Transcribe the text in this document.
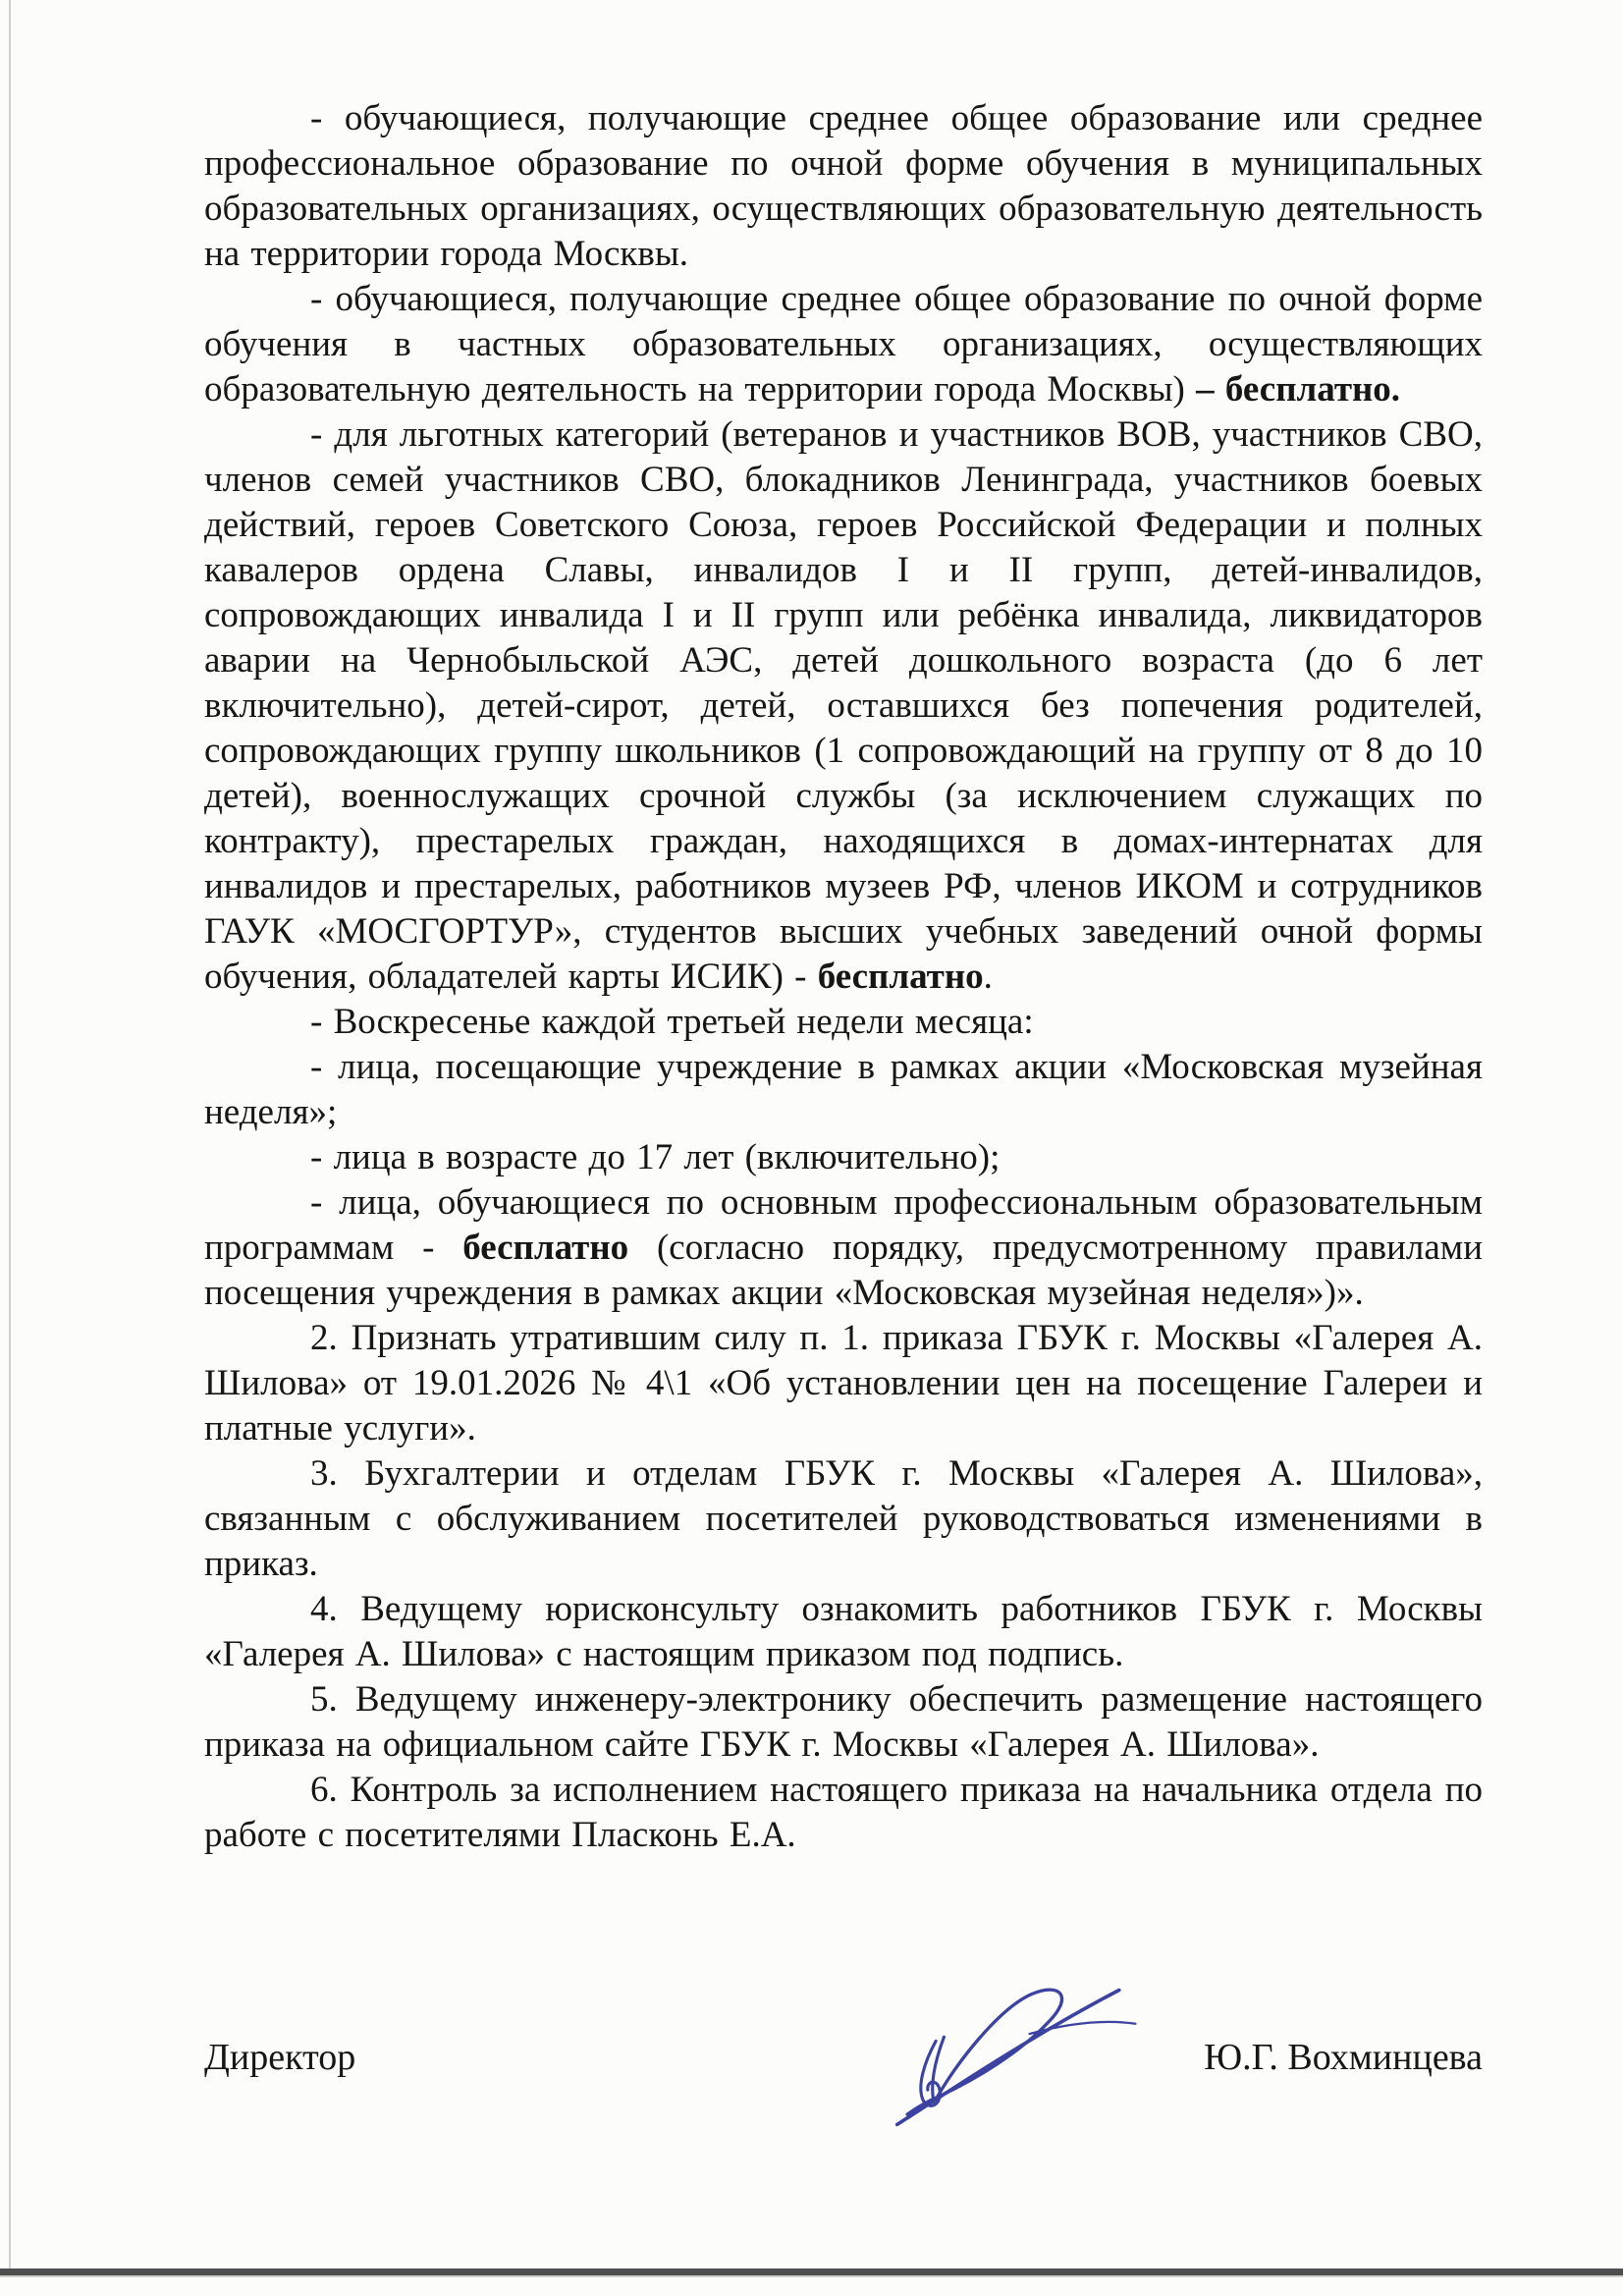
- обучающиеся, получающие среднее общее образование или среднее профессиональное образование по очной форме обучения в муниципальных образовательных организациях, осуществляющих образовательную деятельность на территории города Москвы.

- обучающиеся, получающие среднее общее образование по очной форме обучения в частных образовательных организациях, осуществляющих образовательную деятельность на территории города Москвы) – бесплатно.

- для льготных категорий (ветеранов и участников ВОВ, участников СВО, членов семей участников СВО, блокадников Ленинграда, участников боевых действий, героев Советского Союза, героев Российской Федерации и полных кавалеров ордена Славы, инвалидов I и II групп, детей-инвалидов, сопровождающих инвалида I и II групп или ребёнка инвалида, ликвидаторов аварии на Чернобыльской АЭС, детей дошкольного возраста (до 6 лет включительно), детей-сирот, детей, оставшихся без попечения родителей, сопровождающих группу школьников (1 сопровождающий на группу от 8 до 10 детей), военнослужащих срочной службы (за исключением служащих по контракту), престарелых граждан, находящихся в домах-интернатах для инвалидов и престарелых, работников музеев РФ, членов ИКОМ и сотрудников ГАУК «МОСГОРТУР», студентов высших учебных заведений очной формы обучения, обладателей карты ИСИК) - бесплатно.

- Воскресенье каждой третьей недели месяца:

- лица, посещающие учреждение в рамках акции «Московская музейная неделя»;

- лица в возрасте до 17 лет (включительно);

- лица, обучающиеся по основным профессиональным образовательным программам - бесплатно (согласно порядку, предусмотренному правилами посещения учреждения в рамках акции «Московская музейная неделя»)».

2. Признать утратившим силу п. 1. приказа ГБУК г. Москвы «Галерея А. Шилова» от 19.01.2026 № 4\1 «Об установлении цен на посещение Галереи и платные услуги».

3. Бухгалтерии и отделам ГБУК г. Москвы «Галерея А. Шилова», связанным с обслуживанием посетителей руководствоваться изменениями в приказ.

4. Ведущему юрисконсульту ознакомить работников ГБУК г. Москвы «Галерея А. Шилова» с настоящим приказом под подпись.

5. Ведущему инженеру-электронику обеспечить размещение настоящего приказа на официальном сайте ГБУК г. Москвы «Галерея А. Шилова».

6. Контроль за исполнением настоящего приказа на начальника отдела по работе с посетителями Пласконь Е.А.

Директор	Ю.Г. Вохминцева
